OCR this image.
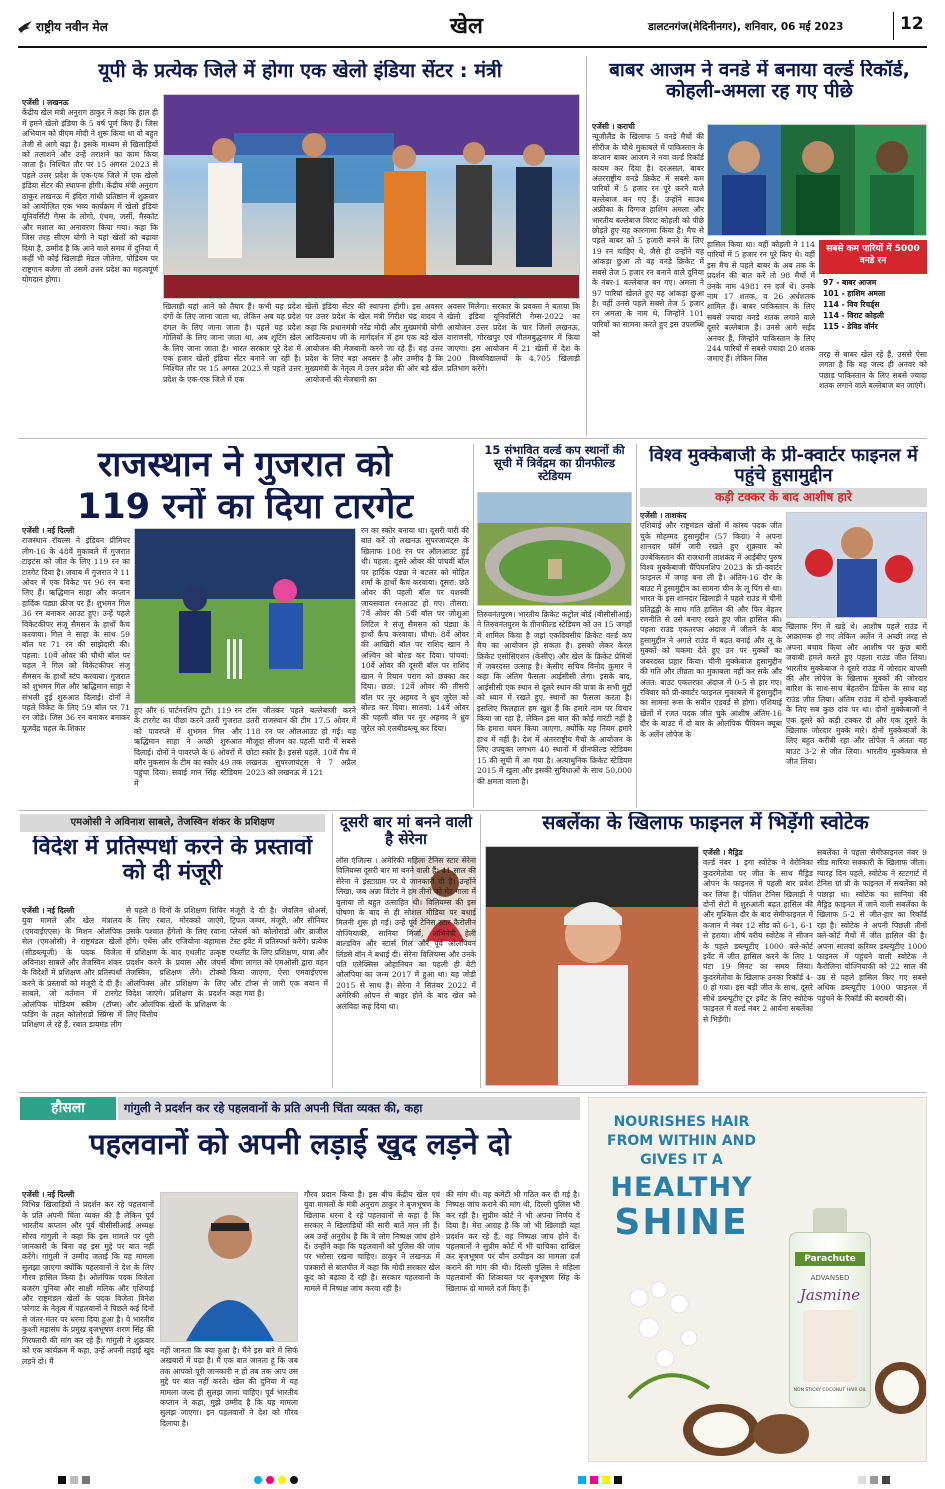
राष्ट्रीय नवीन मेल	खेल	डालटनगंज(मेदिनीनगर), शनिवार, 06 मई 2023	12
यूपी के प्रत्येक जिले में होगा एक खेलो इंडिया सेंटर : मंत्री
एजेंसी । लखनऊ
केंद्रीय खेल मंत्री अनुराग ठाकुर ने कहा कि हाल ही में हमने खेलो इंडिया के 5 वर्ष पूर्ण किए हैं। जिस अभियान को पीएम मोदी ने शुरू किया था वो बहुत तेजी से आगे बढ़ा है। इसके माध्यम से खिलाड़ियों को तलाशने और उन्हें तराशने का काम किया जाता है। निश्चित तौर पर 15 अगस्त 2023 से पहले उत्तर प्रदेश के एक-एक जिले में एक खेलो इंडिया सेंटर की स्थापना होगी। केंद्रीय मंत्री अनुराग ठाकुर लखनऊ में इंदिरा गांधी प्रतिष्ठान में शुक्रवार को आयोजित एक भव्य कार्यक्रम में खेलो इंडिया यूनिवर्सिटी गेम्स के लोगो, एंथम, जर्सी, मैस्कॉट और मशाल का अनावरण किया गया। कहा कि जिस तरह सीएम योगी ने यहां खेलों को बढ़ावा दिया है, उम्मीद है कि आने वाले समय में दुनिया में कहीं भी कोई खिलाड़ी मेडल जीतेगा, पोडियम पर राष्ट्रगान बजेगा तो उसमें उत्तर प्रदेश का महत्वपूर्ण योगदान होगा।
खिलाड़ी यहां आने को तैयार हैं। कभी यह प्रदेश दंगों के लिए जाना जाता था, लेकिन अब यह प्रदेश दंगल के लिए जाना जाता है। पहले यह प्रदेश गोलियों के लिए जाना जाता था, अब शूटिंग खेल के लिए जाना जाता है। भारत सरकार पूरे देश में एक हजार खेलो इंडिया सेंटर बनाने जा रही है। निश्चित तौर पर 15 अगस्त 2023 से पहले उत्तर प्रदेश के एक-एक जिले में एक
खेलो इंडिया सेंटर की स्थापना होगी। इस अवसर पर उत्तर प्रदेश के खेल मंत्री गिरीश चंद्र यादव ने कहा कि प्रधानमंत्री नरेंद्र मोदी और मुख्यमंत्री योगी आदित्यनाथ जी के मार्गदर्शन में हम एक बड़े खेल आयोजन की मेजबानी करने जा रहे हैं। यह उत्तर प्रदेश के लिए बड़ा अवसर है और उम्मीद है कि मुख्यमंत्री के नेतृत्व में उत्तर प्रदेश की ओर बड़े खेल आयोजनों की मेजबानी का
अवसर मिलेगा। सरकार के प्रवक्ता ने बताया कि खेलो इंडिया यूनिवर्सिटी गेम्स-2022 का आयोजन उत्तर प्रदेश के चार जिलों लखनऊ, वाराणसी, गोरखपुर एवं गौतमबुद्धनगर में किया जाएगा। इस आयोजन में 21 खेलों में देश के 200 विश्वविद्यालयों के 4,705 खिलाड़ी प्रतिभाग करेंगे।
बाबर आजम ने वनडे में बनाया वर्ल्ड रिकॉर्ड, कोहली-अमला रह गए पीछे
एजेंसी । कराची
न्यूजीलैंड के खिलाफ 5 वनडे मैचों की सीरीज के चौथे मुकाबले में पाकिस्तान के कप्तान बाबर आजम ने नया वर्ल्ड रिकॉर्ड कायम कर दिया है। दरअसल, बाबर अंतरराष्ट्रीय वनडे क्रिकेट में सबसे कम पारियों में 5 हजार रन पूरे करने वाले बल्लेबाज बन गए हैं। उन्होंने साउथ अफ्रीका के दिग्गज हाशिम अमला और भारतीय बल्लेबाज विराट कोहली को पीछे छोड़ते हुए यह कारनामा किया है। मैच से पहले बाबर को 5 हजारी बनने के लिए 19 रन चाहिए थे, जैसे ही उन्होंने यह आंकड़ा छुआ तो वह वनडे क्रिकेट में सबसे तेज 5 हजार रन बनाने वाले दुनिया के नंबर-1 बल्लेबाज बन गए। अमला ने 97 पारियां खेलते हुए यह आंकड़ा छुआ है। वहीं उनसे पहले सबसे तेज 5 हजार रन अमला के नाम थे, जिन्होंने 101 पारियों का सामना करते हुए इस उपलब्धि को
हासिल किया था। वहीं कोहली ने 114 पारियों में 5 हजार रन पूरे किए थे। वहीं इस मैच से पहले बाबर के अब तक के प्रदर्शन की बात करें तो 98 मैचों में उनके नाम 4981 रन दर्ज थे। उनके नाम 17 शतक, व 26 अर्धशतक शामिल हैं। बाबर पाकिस्तान के लिए सबसे ज्यादा वनडे शतक लगाने वाले दूसरे बल्लेबाज हैं। उनसे आगे सईद अनवर हैं, जिन्होंने पाकिस्तान के लिए 244 पारियों में सबसे ज्यादा 20 शतक जमाए हैं। लेकिन जिस
सबसे कम पारियों में 5000 वनडे रन
97 - बाबर आजम
101 - हाशिम अमला
114 - विव रिचर्ड्स
114 - विराट कोहली
115 - डेविड वॉर्नर
तरह से बाबर खेल रहे हैं, उससे ऐसा लगता है कि वह जल्द ही अनवर को पछाड़ पाकिस्तान के लिए सबसे ज्यादा शतक लगाने वाले बल्लेबाज बन जाएंगे।
राजस्थान ने गुजरात को
119 रनों का दिया टारगेट
एजेंसी । नई दिल्ली
राजस्थान रॉयल्स ने इंडियन प्रीमियर लीग-16 के 48वें मुकाबले में गुजरात टाइटंस को जीत के लिए 119 रन का टारगेट दिया है। जवाब में गुजरात ने 11 ओवर में एक विकेट पर 96 रन बना लिए हैं। ऋद्धिमान साहा और कप्तान हार्दिक पंड्या क्रीज पर हैं। शुभमन गिल 36 रन बनाकर आउट हुए। उन्हें पहले विकेटकीपर संजू सैमसन के हाथों कैच करवाया। गिल ने साहा के साथ 59 बॉल पर 71 रन की साझेदारी की। पहला: 10वें ओवर की चौथी बॉल पर चहल ने गिल को विकेटकीपर संजू सैमसन के हाथों स्टंप करवाया। गुजरात को शुभमन गिल और ऋद्धिमान साहा ने संभली हुई शुरुआत दिलाई। दोनों ने पहले विकेट के लिए 59 बॉल पर 71 रन जोड़े। जिस 36 रन बनाकर बनाकर यूजवेंद्र चहल के शिकार
हुए और 6 पार्टनरशिप टूटी। 119 रन के टारगेट का पीछा करने उतरी गुजरात को पावरप्ले में शुभमन गिल और ऋद्धिमान साहा ने अच्छी शुरुआत दिलाई। दोनों ने पावरप्ले के 6 ओवरों में बगैर नुकसान के टीम का स्कोर 49 तक पहुंचा दिया। सवाई मान सिंह स्टेडियम में
टॉस जीतकर पहले बल्लेबाजी करने उतरी राजस्थान की टीम 17.5 ओवर में 118 रन पर ऑलआउट हो गई। यह मौजूदा सीजन का पहली पारी में सबसे छोटा स्कोर है। इससे पहले, 10वें मैच में लखनऊ सुपरजायंट्स ने 7 अप्रैल 2023 को लखनऊ में 121
रन का स्कोर बनाया था। दूसरी पारी की बात करें तो लखनऊ सुपरजायंट्स के खिलाफ 108 रन पर ऑलआउट हुई थी। पहला: दूसरे ओवर की पांचवीं बॉल पर हार्दिक पंड्या ने बटलर को मोहित शर्मा के हाथों कैच करवाया। दूसरा: छठे ओवर की पहली बॉल पर यशस्वी जायसवाल रनआउट हो गए। तीसरा: 7वें ओवर की 5वीं बॉल पर जोशुआ लिटिल ने संजू सैमसन को पंड्या के हाथों कैच करवाया। चौथा: 8वें ओवर की आखिरी बॉल पर राशिद खान ने अश्विन को बोल्ड कर दिया। पांचवां: 10वें ओवर की दूसरी बॉल पर राशिद खान ने रियान पराग को छक्का कर दिया। छठा: 12वें ओवर की तीसरी बॉल पर नूर अहमद ने ध्रुव जुरेल को बोल्ड कर दिया। सातवां: 14वें ओवर की पहली बॉल पर नूर अहमद ने ध्रुव जुरेल को एलबीडब्ल्यू कर दिया।
15 संभावित वर्ल्ड कप स्थानों की सूची में त्रिवेंद्रम का ग्रीनफील्ड स्टेडियम
तिरुवनंतपुरम। भारतीय क्रिकेट कंट्रोल बोर्ड (बीसीसीआई) ने तिरुवनंतपुरम के ग्रीनफील्ड स्टेडियम को उन 15 जगहों में शामिल किया है जहां एकदिवसीय क्रिकेट वर्ल्ड कप मैच का आयोजन हो सकता है। इसको लेकर केरल क्रिकेट एसोसिएशन (केसीए) और खेल के क्रिकेट प्रेमियों में जबरदस्त उत्साह है। केसीए सचिव विनोद कुमार ने कहा कि अंतिम फैसला आईसीसी लेगा। इसके बाद, आईसीसी एक स्थान से दूसरे स्थान की यात्रा के सभी मुद्दों को ध्यान में रखते हुए, स्थानों का फैसला करता है। इसलिए फिलहाल हम खुश हैं कि हमारे नाम पर विचार किया जा रहा है, लेकिन इस बात की कोई गारंटी नहीं है कि हमारा चयन किया जाएगा, क्योंकि यह नियम हमारे हाथ में नहीं है। देश में अंतरराष्ट्रीय मैचों के आयोजन के लिए उपयुक्त लगभग 40 स्थानों में ग्रीनफील्ड स्टेडियम 15 की सूची में आ गया है। अत्याधुनिक क्रिकेट स्टेडियम 2015 में खुला और इसकी सुविधाओं के साथ 50,000 की क्षमता वाला है।
विश्व मुक्केबाजी के प्री-क्वार्टर फाइनल में पहुंचे हुसामुद्दीन
कड़ी टक्कर के बाद आशीष हारे
एजेंसी । ताशकंद
एशियाई और राष्ट्रमंडल खेलों में कांस्य पदक जीत चुके मोहम्मद हुसामुद्दीन (57 किग्रा) ने अपना शानदार फॉर्म जारी रखते हुए शुक्रवार को उज्बेकिस्तान की राजधानी ताशकंद में आईबीए पुरुष विश्व मुक्केबाजी चैंपियनशिप 2023 के प्री-क्वार्टर फाइनल में जगह बना ली है। अंतिम-16 दौर के बाउट में हुसामुद्दीन का सामना चीन के लू पिंग से था। भारत के इस शानदार खिलाड़ी ने पहले राउंड में चीनी प्रतिद्वंद्वी के साथ गति हासिल की और फिर बेहतर रणनीति से उसे बनाए रखते हुए जीत हासिल की। पहला राउंड एकतरफा अंदाज में जीतने के बाद हुसामुद्दीन ने अगले राउंड में बढ़त बनाई और लू के मुक्कों को चकमा देते हुए उन पर मुक्कों का जबरदस्त प्रहार किया। चीनी मुक्केबाज हुसामुद्दीन की गति और तीव्रता का मुकाबला नहीं कर सके और अंतत: बाउट एकतरफा अंदाज में 0-5 से हार गए। रविवार को प्री-क्वार्टर फाइनल मुकाबले में हुसामुद्दीन का सामना रूस के सवीन एडवर्ड से होगा। एशियाई खेलों में रजत पदक जीत चुके आशीष अंतिम-16 दौर के बाउट में दो बार के ओलंपिक चैंपियन क्यूबा के अर्लेन लोपेज के
खिलाफ रिंग में खड़े थे। आशीष पहले राउंड में आक्रामक हो गए लेकिन अर्लेन ने अच्छी तरह से अपना बचाव किया और आशीष पर कुछ बारी जवाबी हमले करते हुए पहला राउंड जीत लिया। भारतीय मुक्केबाज ने दूसरे राउंड में जोरदार वापसी की और लोपेज के खिलाफ मुक्कों की जोरदार बारिश के साथ-साथ बेहतरीन डिफेंस के साथ यह राउंड जीत लिया। अंतिम राउंड में दोनों मुक्केबाजों के लिए सब कुछ दांव पर था। दोनों मुक्केबाजों ने एक दूसरे को कड़ी टक्कर दी और एक दूसरे के खिलाफ जोरदार मुक्के मारे। दोनों मुक्केबाजों के लिए बहुत करीबी रहा और लोपेज़ ने अंततः यह बाउट 3-2 से जीत लिया। भारतीय मुक्केबाज से जीत लिया।
एमओसी ने अविनाश साबले, तेजस्विन शंकर के प्रशिक्षण
विदेश में प्रतिस्पर्धा करने के प्रस्तावों को दी मंजूरी
एजेंसी । नई दिल्ली
युवा मामले और खेल मंत्रालय (एमवाईएएस) के मिशन ओलंपिक सेल (एमओसी) ने राष्ट्रमंडल खेलों (सीडब्ल्यूजी) के पदक विजेता अविनाश साबले और तेजस्विन शंकर के विदेशों में प्रशिक्षण और प्रतिस्पर्धा करने के प्रस्तावों को मंजूरी दे दी है। साबले, जो वर्तमान में टारगेट ओलंपिक पोडियम स्कीम (टॉप्स) फंडिंग के तहत कोलोराडो स्प्रिंग्स में प्रशिक्षण ले रहे हैं, रबात डायमंड लीग
से पहले 8 दिनों के प्रशिक्षण शिविर के लिए रबात, मोरक्को जाएंगे, उसके पश्चात हेंगेलो के लिए रवाना होंगे। एथेंस और एजियोना बहामास में प्रशिक्षण के बाद एथलीट उत्कृष्ट प्रदर्शन करने के प्रयास और जंपर्स तेजस्विन, प्रशिक्षण लेंगे। टोक्यो ओलंपिक्स और प्रशिक्षण के लिए विदेश जाएंगे। प्रशिक्षण के प्रदर्शन और ओलंपिक खेलों के प्रशिक्षण के लिए वित्तीय
मंजूरी दे दी है। जेवलिन थ्रोअर्स, ट्रिपल जम्पर, मंजूरी, और सीनियर प्लेयर्स को कोलोराडो और ब्राजील टेस्ट इवेंट में प्रतिस्पर्धा करेंगे। प्रत्येक एथलीट के लिए प्रशिक्षण, यात्रा और बीमा लागत को एमओसी द्वारा वहन किया जाएगा, ऐसा एमवाईएएस और टॉप्स से जारी एक बयान में कहा गया है।
दूसरी बार मां बनने वाली है सेरेना
लॉस एंजिल्स । अमेरिकी महिला टेनिस स्टार सेरेना विलियम्स दूसरी बार मां बनने वाली हैं। 41 साल की सेरेना ने इंस्टाग्राम पर ये जानकारी दी है। उन्होंने लिखा, जब अन्ना विंटोर ने हम तीनों को मेट गाला में बुलाया तो बहुत उत्साहित थी। विलियम्स की इस घोषणा के बाद से ही सोशल मीडिया पर बधाई मिलनी शुरू हो गई। उन्हें पूर्व टेनिस स्टार कैरोलीन वोज्नियाकी, सानिया मिर्जा, अभिनेत्री हेली बाल्डविन और स्टार्स गिल और पूर्व ओलंपियन लिंडसे वॉन ने बधाई दी। सेरेना विलियम्स और उनके पति एलेक्सिस ओहानियन का पहली ही बेटी ओलंपिया का जन्म 2017 में हुआ था। यह जोड़ी 2015 से साथ है। सेरेना ने सितंबर 2022 में अमेरिकी ओपन से बाहर होने के बाद खेल को अलविदा कह दिया था।
सबलेंका के खिलाफ फाइनल में भिड़ेंगी स्वोटेक
एजेंसी । मैड्रिड
वर्ल्ड नंबर 1 इगा स्वोटेक ने वेरोनिका कुदरमेतोवा पर जीत के साथ मैड्रिड ओपन के फाइनल में पहली बार प्रवेश कर लिया है। पोलिश टेनिस खिलाड़ी ने दोनों सेटों में शुरुआती बढ़त हासिल की और मुश्किल दौर के बाद सेमीफाइनल में कजान में नंबर 12 सीड को 6-1, 6-1 से हराया। शीर्ष वरीय स्वोटेक ने सीजन के पहले डब्ल्यूटीए 1000 क्ले-कोर्ट इवेंट में जीत हासिल करने के लिए 1 घंटा 19 मिनट का समय लिया। कुदरमेतोवा के खिलाफ उनका रिकॉर्ड 4-0 हो गया। इस बड़ी जीत के साथ, दूसरे सीधे डब्ल्यूटीए टूर इवेंट के लिए स्वोटेक फाइनल में वर्ल्ड नंबर 2 आर्यना सबलेंका से भिड़ेंगी।
सबलेंका ने पहला सेमीफाइनल नंबर 9 सीड मारिया सक्कारी के खिलाफ जीता। ग्यारह दिन पहले, स्वोटेक ने स्टटगार्ट में टेनिस ग्रां प्री के फाइनल में सबलेंका को पछाड़ा था। स्वोटेक का सानिया की मैड्रिड फाइनल में जाने वाली सबलेंका के खिलाफ 5-2 से जीत-हार का रिकॉर्ड रहा है। स्वोटेक ने अपनी पिछली तीनों क्ले-कोर्ट मैचों में जीत हासिल की है। अपना सातवां करियर डब्ल्यूटीए 1000 फाइनल में पहुंचने वाली स्वोटेक ने कैरोलिना वोज्नियाकी को 22 साल की उम्र से पहले हासिल किए गए सबसे अधिक डब्ल्यूटीए 1000 फाइनल में पहुंचने के रिकॉर्ड की बराबरी की।
हौसला	गांगुली ने प्रदर्शन कर रहे पहलवानों के प्रति अपनी चिंता व्यक्त की, कहा
पहलवानों को अपनी लड़ाई खुद लड़ने दो
एजेंसी । नई दिल्ली
विभिन्न खिलाड़ियों ने प्रदर्शन कर रहे पहलवानों के प्रति अपनी चिंता व्यक्त की है लेकिन पूर्व भारतीय कप्तान और पूर्व बीसीसीआई अध्यक्ष सौरव गांगुली ने कहा कि इस मामले पर पूरी जानकारी के बिना वह इस मुद्दे पर बात नहीं करेंगे। गांगुली ने उम्मीद जताई कि यह मामला सुलझा जाएगा क्योंकि पहलवानों ने देश के लिए गौरव हासिल किया है। ओलंपिक पदक विजेता बजरंग पूनिया और साक्षी मलिक और एशियाई और राष्ट्रमंडल खेलों के पदक विजेता विनेश फोगाट के नेतृत्व में पहलवानों ने पिछले कई दिनों से जंतर-मंतर पर धरना दिया हुआ है। वे भारतीय कुश्ती महासंघ के प्रमुख बृजभूषण शरण सिंह की गिरफ्तारी की मांग कर रहे हैं। गांगुली ने शुक्रवार को एक कार्यक्रम में कहा, उन्हें अपनी लड़ाई खुद लड़ने दो। मैं
नहीं जानता कि क्या हुआ है। मैंने इस बारे में सिर्फ अखबारों में पढ़ा है। मैं एक बात जानता हूं कि जब तक आपको पूरी जानकारी न हो तब तक आप उस मुद्दे पर बात नहीं करते। खेल की दुनिया में यह मामला जल्द ही सुलझ जाना चाहिए। पूर्व भारतीय कप्तान ने कहा, मुझे उम्मीद है कि यह मामला सुलझ जाएगा। इन पहलवानों ने देश को गौरव दिलाया है।
गौरव प्रदान किया है। इस बीच केंद्रीय खेल एवं युवा मामलों के मंत्री अनुराग ठाकुर ने बृजभूषण के खिलाफ धरना दे रहे पहलवानों से कहा है कि सरकार ने खिलाड़ियों की सारी बातें मान ली हैं। अब उन्हें अनुरोध है कि वे लोग निष्पक्ष जांच होने दें। उन्होंने कहा कि पहलवानों को पुलिस की जांच पर भरोसा रखना चाहिए। ठाकुर ने लखनऊ में पत्रकारों से बातचीत में कहा कि मोदी सरकार खेल कूद को बढ़ावा दे रही है। सरकार पहलवानों के मामले में निष्पक्ष जांच करवा रही है।
की मांग थी। वह कमेटी भी गठित कर दी गई है। निष्पक्ष जांच कराने की मांग थी, दिल्ली पुलिस भी कर रही है। सुप्रीम कोर्ट ने भी अपना निर्णय दे दिया है। मेरा आग्रह है कि जो भी खिलाड़ी यहां प्रदर्शन कर रहे हैं, वह निष्पक्ष जांच होने दें। पहलवानों ने सुप्रीम कोर्ट में भी याचिका दाखिल कर बृजभूषण पर यौन उत्पीड़न का मामला दर्ज कराने की मांग की थी। दिल्ली पुलिस ने महिला पहलवानों की शिकायत पर बृजभूषण सिंह के खिलाफ दो मामले दर्ज किए हैं।
NOURISHES HAIR
FROM WITHIN AND
GIVES IT A
HEALTHY
SHINE
Parachute
ADVANSED
Jasmine
NON STICKY COCONUT HAIR OIL
